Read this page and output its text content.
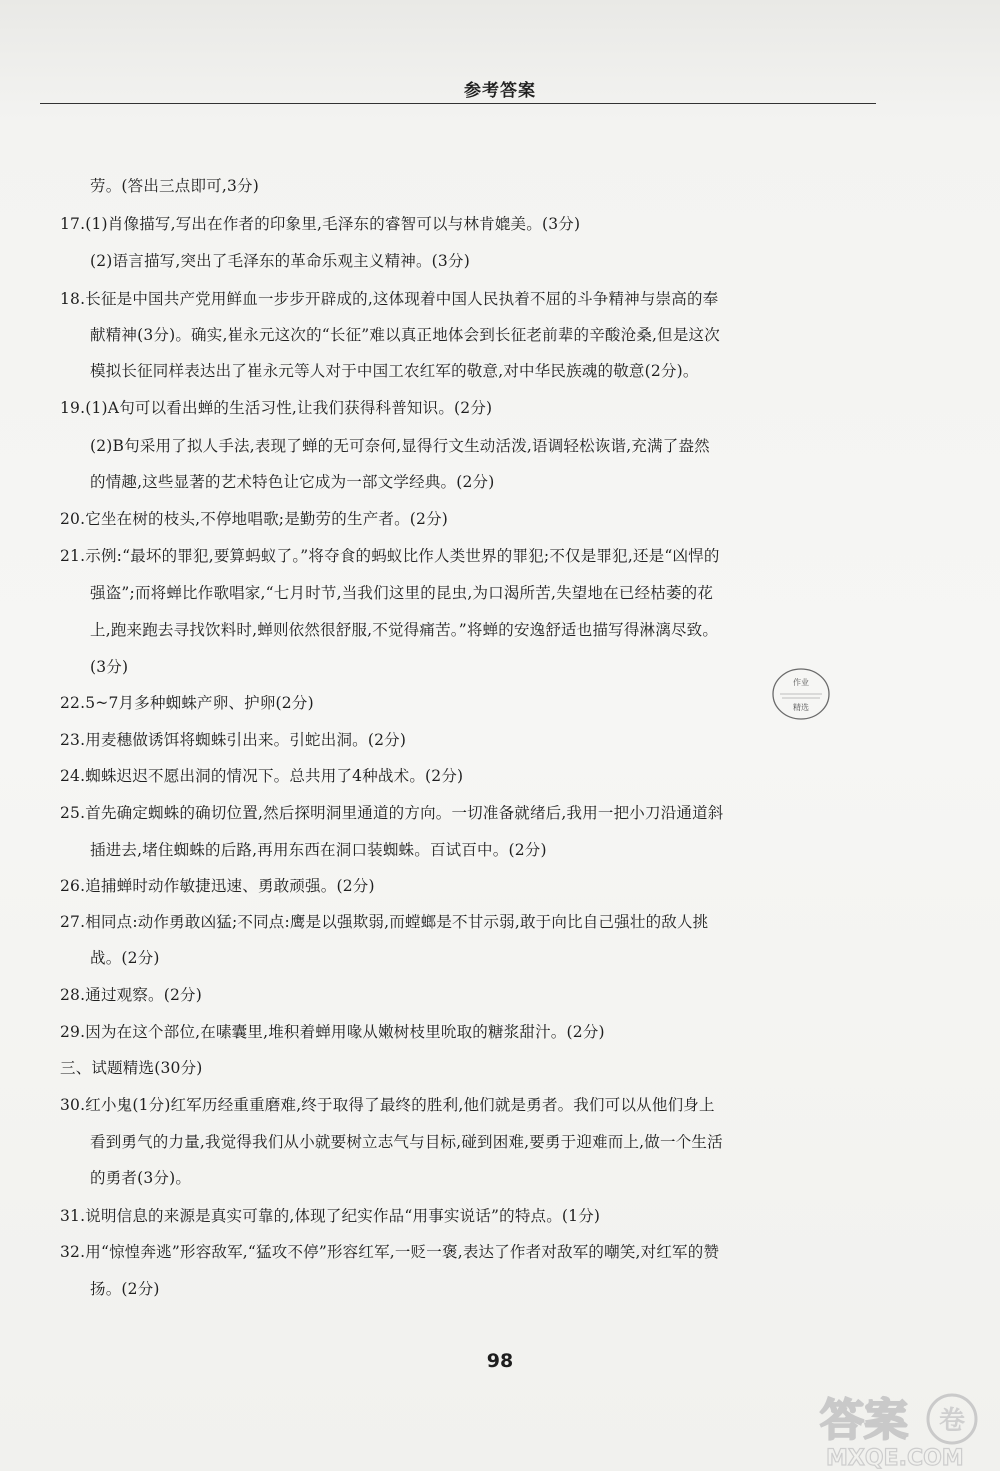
参考答案
劳。(答出三点即可,3分)
17.(1)肖像描写,写出在作者的印象里,毛泽东的睿智可以与林肯媲美。(3分)
(2)语言描写,突出了毛泽东的革命乐观主义精神。(3分)
18.长征是中国共产党用鲜血一步步开辟成的,这体现着中国人民执着不屈的斗争精神与崇高的奉
献精神(3分)。确实,崔永元这次的“长征”难以真正地体会到长征老前辈的辛酸沧桑,但是这次
模拟长征同样表达出了崔永元等人对于中国工农红军的敬意,对中华民族魂的敬意(2分)。
19.(1)A句可以看出蝉的生活习性,让我们获得科普知识。(2分)
(2)B句采用了拟人手法,表现了蝉的无可奈何,显得行文生动活泼,语调轻松诙谐,充满了盎然
的情趣,这些显著的艺术特色让它成为一部文学经典。(2分)
20.它坐在树的枝头,不停地唱歌;是勤劳的生产者。(2分)
21.示例:“最坏的罪犯,要算蚂蚁了。”将夺食的蚂蚁比作人类世界的罪犯;不仅是罪犯,还是“凶悍的
强盗”;而将蝉比作歌唱家,“七月时节,当我们这里的昆虫,为口渴所苦,失望地在已经枯萎的花
上,跑来跑去寻找饮料时,蝉则依然很舒服,不觉得痛苦。”将蝉的安逸舒适也描写得淋漓尽致。
(3分)
22.5~7月多种蜘蛛产卵、护卵(2分)
23.用麦穗做诱饵将蜘蛛引出来。引蛇出洞。(2分)
24.蜘蛛迟迟不愿出洞的情况下。总共用了4种战术。(2分)
25.首先确定蜘蛛的确切位置,然后探明洞里通道的方向。一切准备就绪后,我用一把小刀沿通道斜
插进去,堵住蜘蛛的后路,再用东西在洞口装蜘蛛。百试百中。(2分)
26.追捕蝉时动作敏捷迅速、勇敢顽强。(2分)
27.相同点:动作勇敢凶猛;不同点:鹰是以强欺弱,而螳螂是不甘示弱,敢于向比自己强壮的敌人挑
战。(2分)
28.通过观察。(2分)
29.因为在这个部位,在嗉囊里,堆积着蝉用喙从嫩树枝里吮取的糖浆甜汁。(2分)
三、试题精选(30分)
30.红小鬼(1分)红军历经重重磨难,终于取得了最终的胜利,他们就是勇者。我们可以从他们身上
看到勇气的力量,我觉得我们从小就要树立志气与目标,碰到困难,要勇于迎难而上,做一个生活
的勇者(3分)。
31.说明信息的来源是真实可靠的,体现了纪实作品“用事实说话”的特点。(1分)
32.用“惊惶奔逃”形容敌军,“猛攻不停”形容红军,一贬一褒,表达了作者对敌军的嘲笑,对红军的赞
扬。(2分)
作业
精选
98
答案 卷
MXQE.COM
